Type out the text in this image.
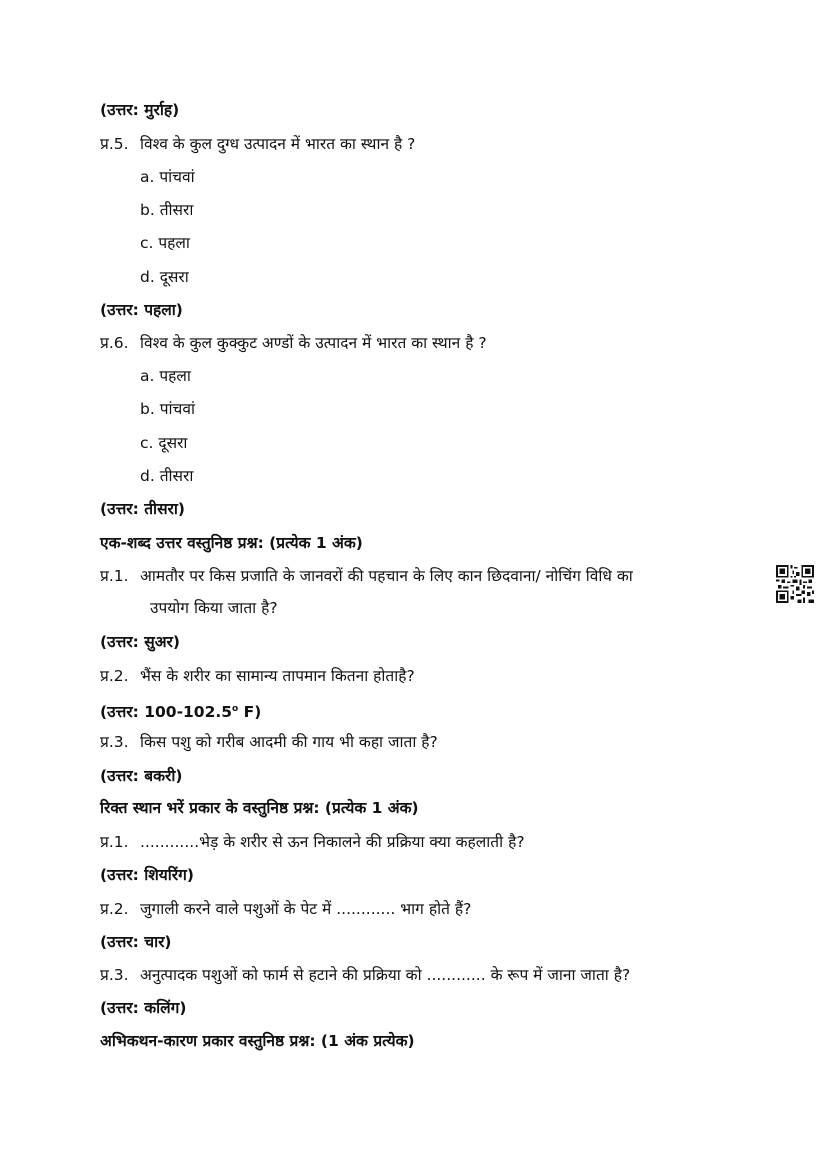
(उत्तर: मुर्राह)
प्र.5. विश्व के कुल दुग्ध उत्पादन में भारत का स्थान है ?
a. पांचवां
b. तीसरा
c. पहला
d. दूसरा
(उत्तर: पहला)
प्र.6. विश्व के कुल कुक्कुट अण्डों के उत्पादन में भारत का स्थान है ?
a. पहला
b. पांचवां
c. दूसरा
d. तीसरा
(उत्तर: तीसरा)
एक-शब्द उत्तर वस्तुनिष्ठ प्रश्न: (प्रत्येक 1 अंक)
प्र.1. आमतौर पर किस प्रजाति के जानवरों की पहचान के लिए कान छिदवाना/ नोचिंग विधि का
उपयोग किया जाता है?
(उत्तर: सुअर)
प्र.2. भैंस के शरीर का सामान्य तापमान कितना होताहै?
(उत्तर: 100-102.5$^o$ F)
प्र.3. किस पशु को गरीब आदमी की गाय भी कहा जाता है?
(उत्तर: बकरी)
रिक्त स्थान भरें प्रकार के वस्तुनिष्ठ प्रश्न: (प्रत्येक 1 अंक)
प्र.1. ............भेड़ के शरीर से ऊन निकालने की प्रक्रिया क्या कहलाती है?
(उत्तर: शियरिंग)
प्र.2. जुगाली करने वाले पशुओं के पेट में ............ भाग होते हैं?
(उत्तर: चार)
प्र.3. अनुत्पादक पशुओं को फार्म से हटाने की प्रक्रिया को ............ के रूप में जाना जाता है?
(उत्तर: कलिंग)
अभिकथन-कारण प्रकार वस्तुनिष्ठ प्रश्न: (1 अंक प्रत्येक)
